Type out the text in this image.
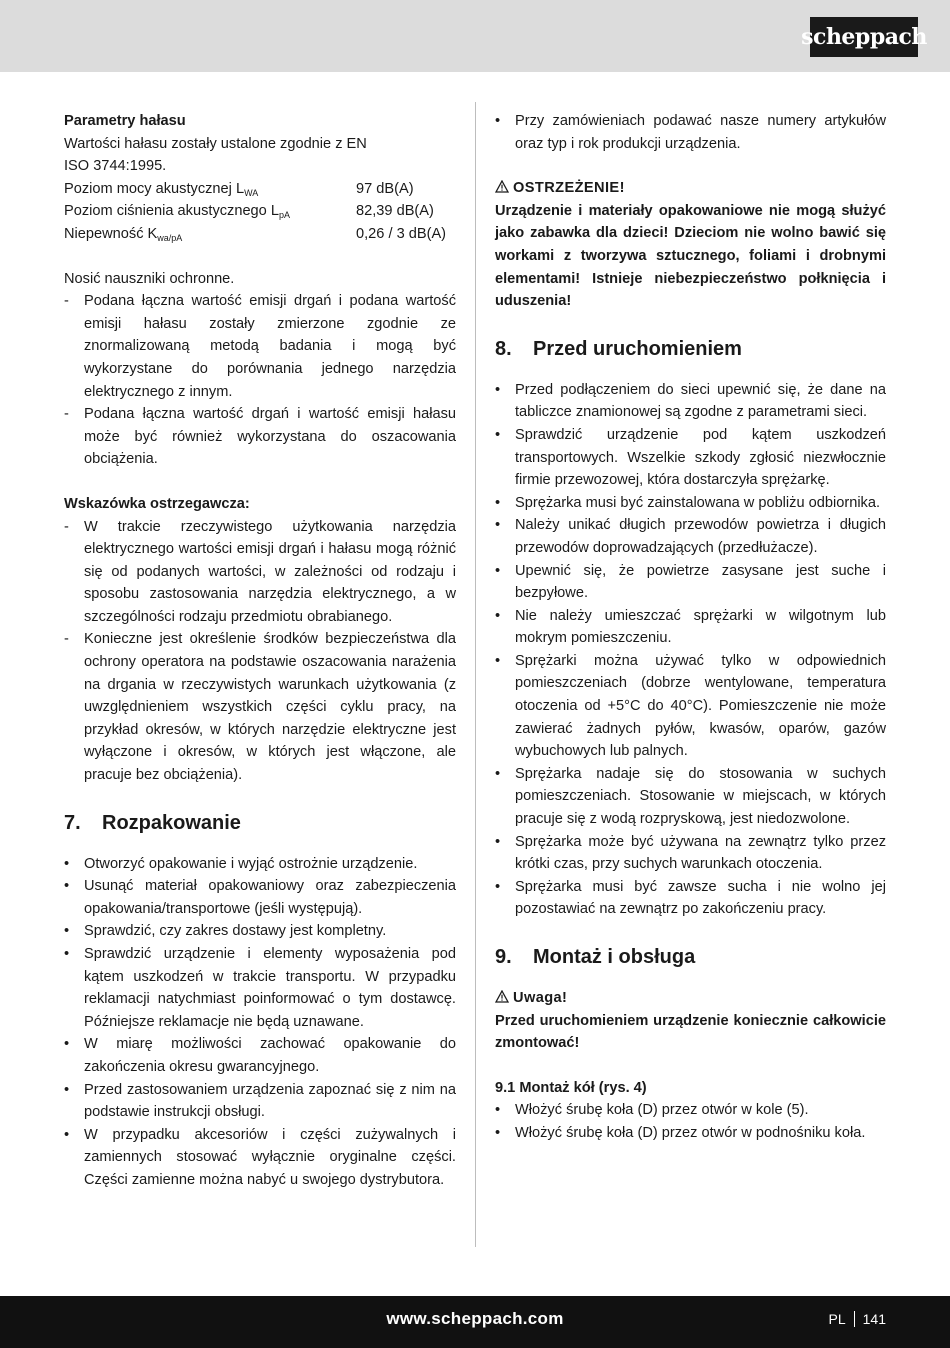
scheppach
Parametry hałasu
Wartości hałasu zostały ustalone zgodnie z EN ISO 3744:1995.
Poziom mocy akustycznej $L_{WA}$	97 dB(A)
Poziom ciśnienia akustycznego $L_{pA}$	82,39 dB(A)
Niepewność $K_{wa/pA}$	0,26 / 3 dB(A)
Nosić nauszniki ochronne.
- Podana łączna wartość emisji drgań i podana wartość emisji hałasu zostały zmierzone zgodnie ze znormalizowaną metodą badania i mogą być wykorzystane do porównania jednego narzędzia elektrycznego z innym.
- Podana łączna wartość drgań i wartość emisji hałasu może być również wykorzystana do oszacowania obciążenia.
Wskazówka ostrzegawcza:
- W trakcie rzeczywistego użytkowania narzędzia elektrycznego wartości emisji drgań i hałasu mogą różnić się od podanych wartości, w zależności od rodzaju i sposobu zastosowania narzędzia elektrycznego, a w szczególności rodzaju przedmiotu obrabianego.
- Konieczne jest określenie środków bezpieczeństwa dla ochrony operatora na podstawie oszacowania narażenia na drgania w rzeczywistych warunkach użytkowania (z uwzględnieniem wszystkich części cyklu pracy, na przykład okresów, w których narzędzie elektryczne jest wyłączone i okresów, w których jest włączone, ale pracuje bez obciążenia).
7.	Rozpakowanie
• Otworzyć opakowanie i wyjąć ostrożnie urządzenie.
• Usunąć materiał opakowaniowy oraz zabezpieczenia opakowania/transportowe (jeśli występują).
• Sprawdzić, czy zakres dostawy jest kompletny.
• Sprawdzić urządzenie i elementy wyposażenia pod kątem uszkodzeń w trakcie transportu. W przypadku reklamacji natychmiast poinformować o tym dostawcę. Późniejsze reklamacje nie będą uznawane.
• W miarę możliwości zachować opakowanie do zakończenia okresu gwarancyjnego.
• Przed zastosowaniem urządzenia zapoznać się z nim na podstawie instrukcji obsługi.
• W przypadku akcesoriów i części zużywalnych i zamiennych stosować wyłącznie oryginalne części. Części zamienne można nabyć u swojego dystrybutora.
• Przy zamówieniach podawać nasze numery artykułów oraz typ i rok produkcji urządzenia.
OSTRZEŻENIE!
Urządzenie i materiały opakowaniowe nie mogą służyć jako zabawka dla dzieci! Dzieciom nie wolno bawić się workami z tworzywa sztucznego, foliami i drobnymi elementami! Istnieje niebezpieczeństwo połknięcia i uduszenia!
8.	Przed uruchomieniem
• Przed podłączeniem do sieci upewnić się, że dane na tabliczce znamionowej są zgodne z parametrami sieci.
• Sprawdzić urządzenie pod kątem uszkodzeń transportowych. Wszelkie szkody zgłosić niezwłocznie firmie przewozowej, która dostarczyła sprężarkę.
• Sprężarka musi być zainstalowana w pobliżu odbiornika.
• Należy unikać długich przewodów powietrza i długich przewodów doprowadzających (przedłużacze).
• Upewnić się, że powietrze zasysane jest suche i bezpyłowe.
• Nie należy umieszczać sprężarki w wilgotnym lub mokrym pomieszczeniu.
• Sprężarki można używać tylko w odpowiednich pomieszczeniach (dobrze wentylowane, temperatura otoczenia od +5°C do 40°C). Pomieszczenie nie może zawierać żadnych pyłów, kwasów, oparów, gazów wybuchowych lub palnych.
• Sprężarka nadaje się do stosowania w suchych pomieszczeniach. Stosowanie w miejscach, w których pracuje się z wodą rozpryskową, jest niedozwolone.
• Sprężarka może być używana na zewnątrz tylko przez krótki czas, przy suchych warunkach otoczenia.
• Sprężarka musi być zawsze sucha i nie wolno jej pozostawiać na zewnątrz po zakończeniu pracy.
9.	Montaż i obsługa
Uwaga!
Przed uruchomieniem urządzenie koniecznie całkowicie zmontować!
9.1 Montaż kół (rys. 4)
• Włożyć śrubę koła (D) przez otwór w kole (5).
• Włożyć śrubę koła (D) przez otwór w podnośniku koła.
www.scheppach.com	PL 141
